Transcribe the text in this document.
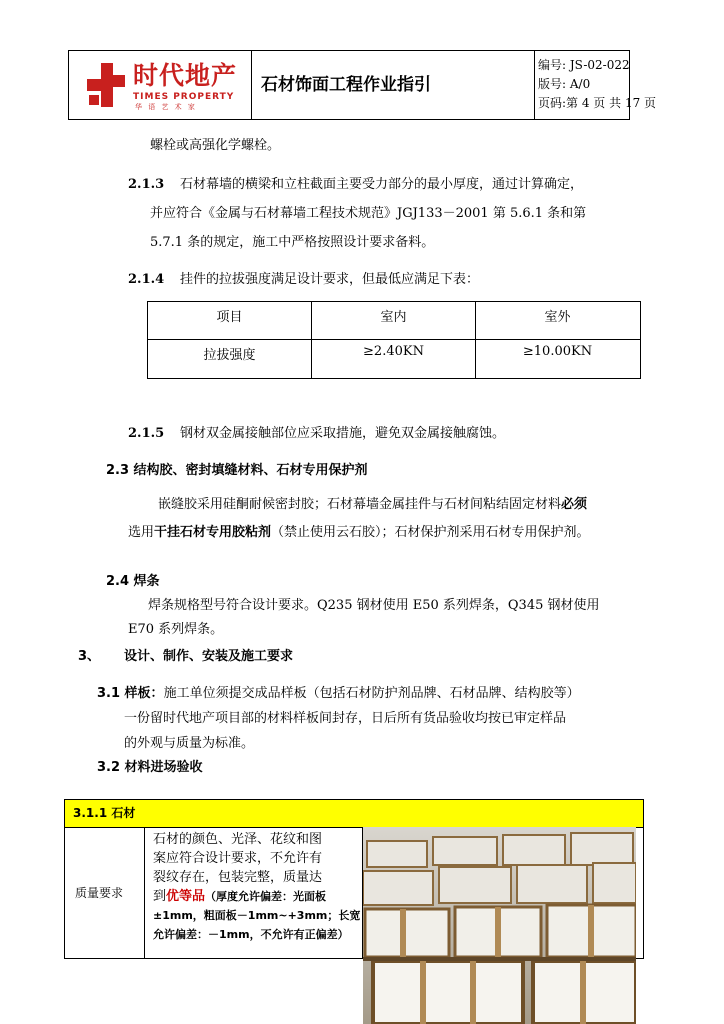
时代地产
TIMES PROPERTY
华 语 艺 术 家
石材饰面工程作业指引
编号: JS-02-022
版号: A/0
页码:第 4 页 共 17 页
螺栓或高强化学螺栓。
2.1.3 石材幕墙的横梁和立柱截面主要受力部分的最小厚度，通过计算确定，
并应符合《金属与石材幕墙工程技术规范》JGJ133－2001 第 5.6.1 条和第
5.7.1 条的规定，施工中严格按照设计要求备料。
2.1.4 挂件的拉拔强度满足设计要求，但最低应满足下表：
项目	室内	室外
拉拔强度	≥2.40KN	≥10.00KN
2.1.5 钢材双金属接触部位应采取措施，避免双金属接触腐蚀。
2.3 结构胶、密封填缝材料、石材专用保护剂
嵌缝胶采用硅酮耐候密封胶；石材幕墙金属挂件与石材间粘结固定材料必须
选用干挂石材专用胶粘剂（禁止使用云石胶）；石材保护剂采用石材专用保护剂。
2.4 焊条
焊条规格型号符合设计要求。Q235 钢材使用 E50 系列焊条，Q345 钢材使用
E70 系列焊条。
3、 设计、制作、安装及施工要求
3.1 样板：施工单位须提交成品样板（包括石材防护剂品牌、石材品牌、结构胶等）
一份留时代地产项目部的材料样板间封存，日后所有货品验收均按已审定样品
的外观与质量为标准。
3.2 材料进场验收
3.1.1 石材
质量要求
石材的颜色、光泽、花纹和图
案应符合设计要求，不允许有
裂纹存在，包装完整，质量达
到优等品（厚度允许偏差：光面板
±1mm，粗面板－1mm~+3mm；长宽
允许偏差：－1mm，不允许有正偏差）
